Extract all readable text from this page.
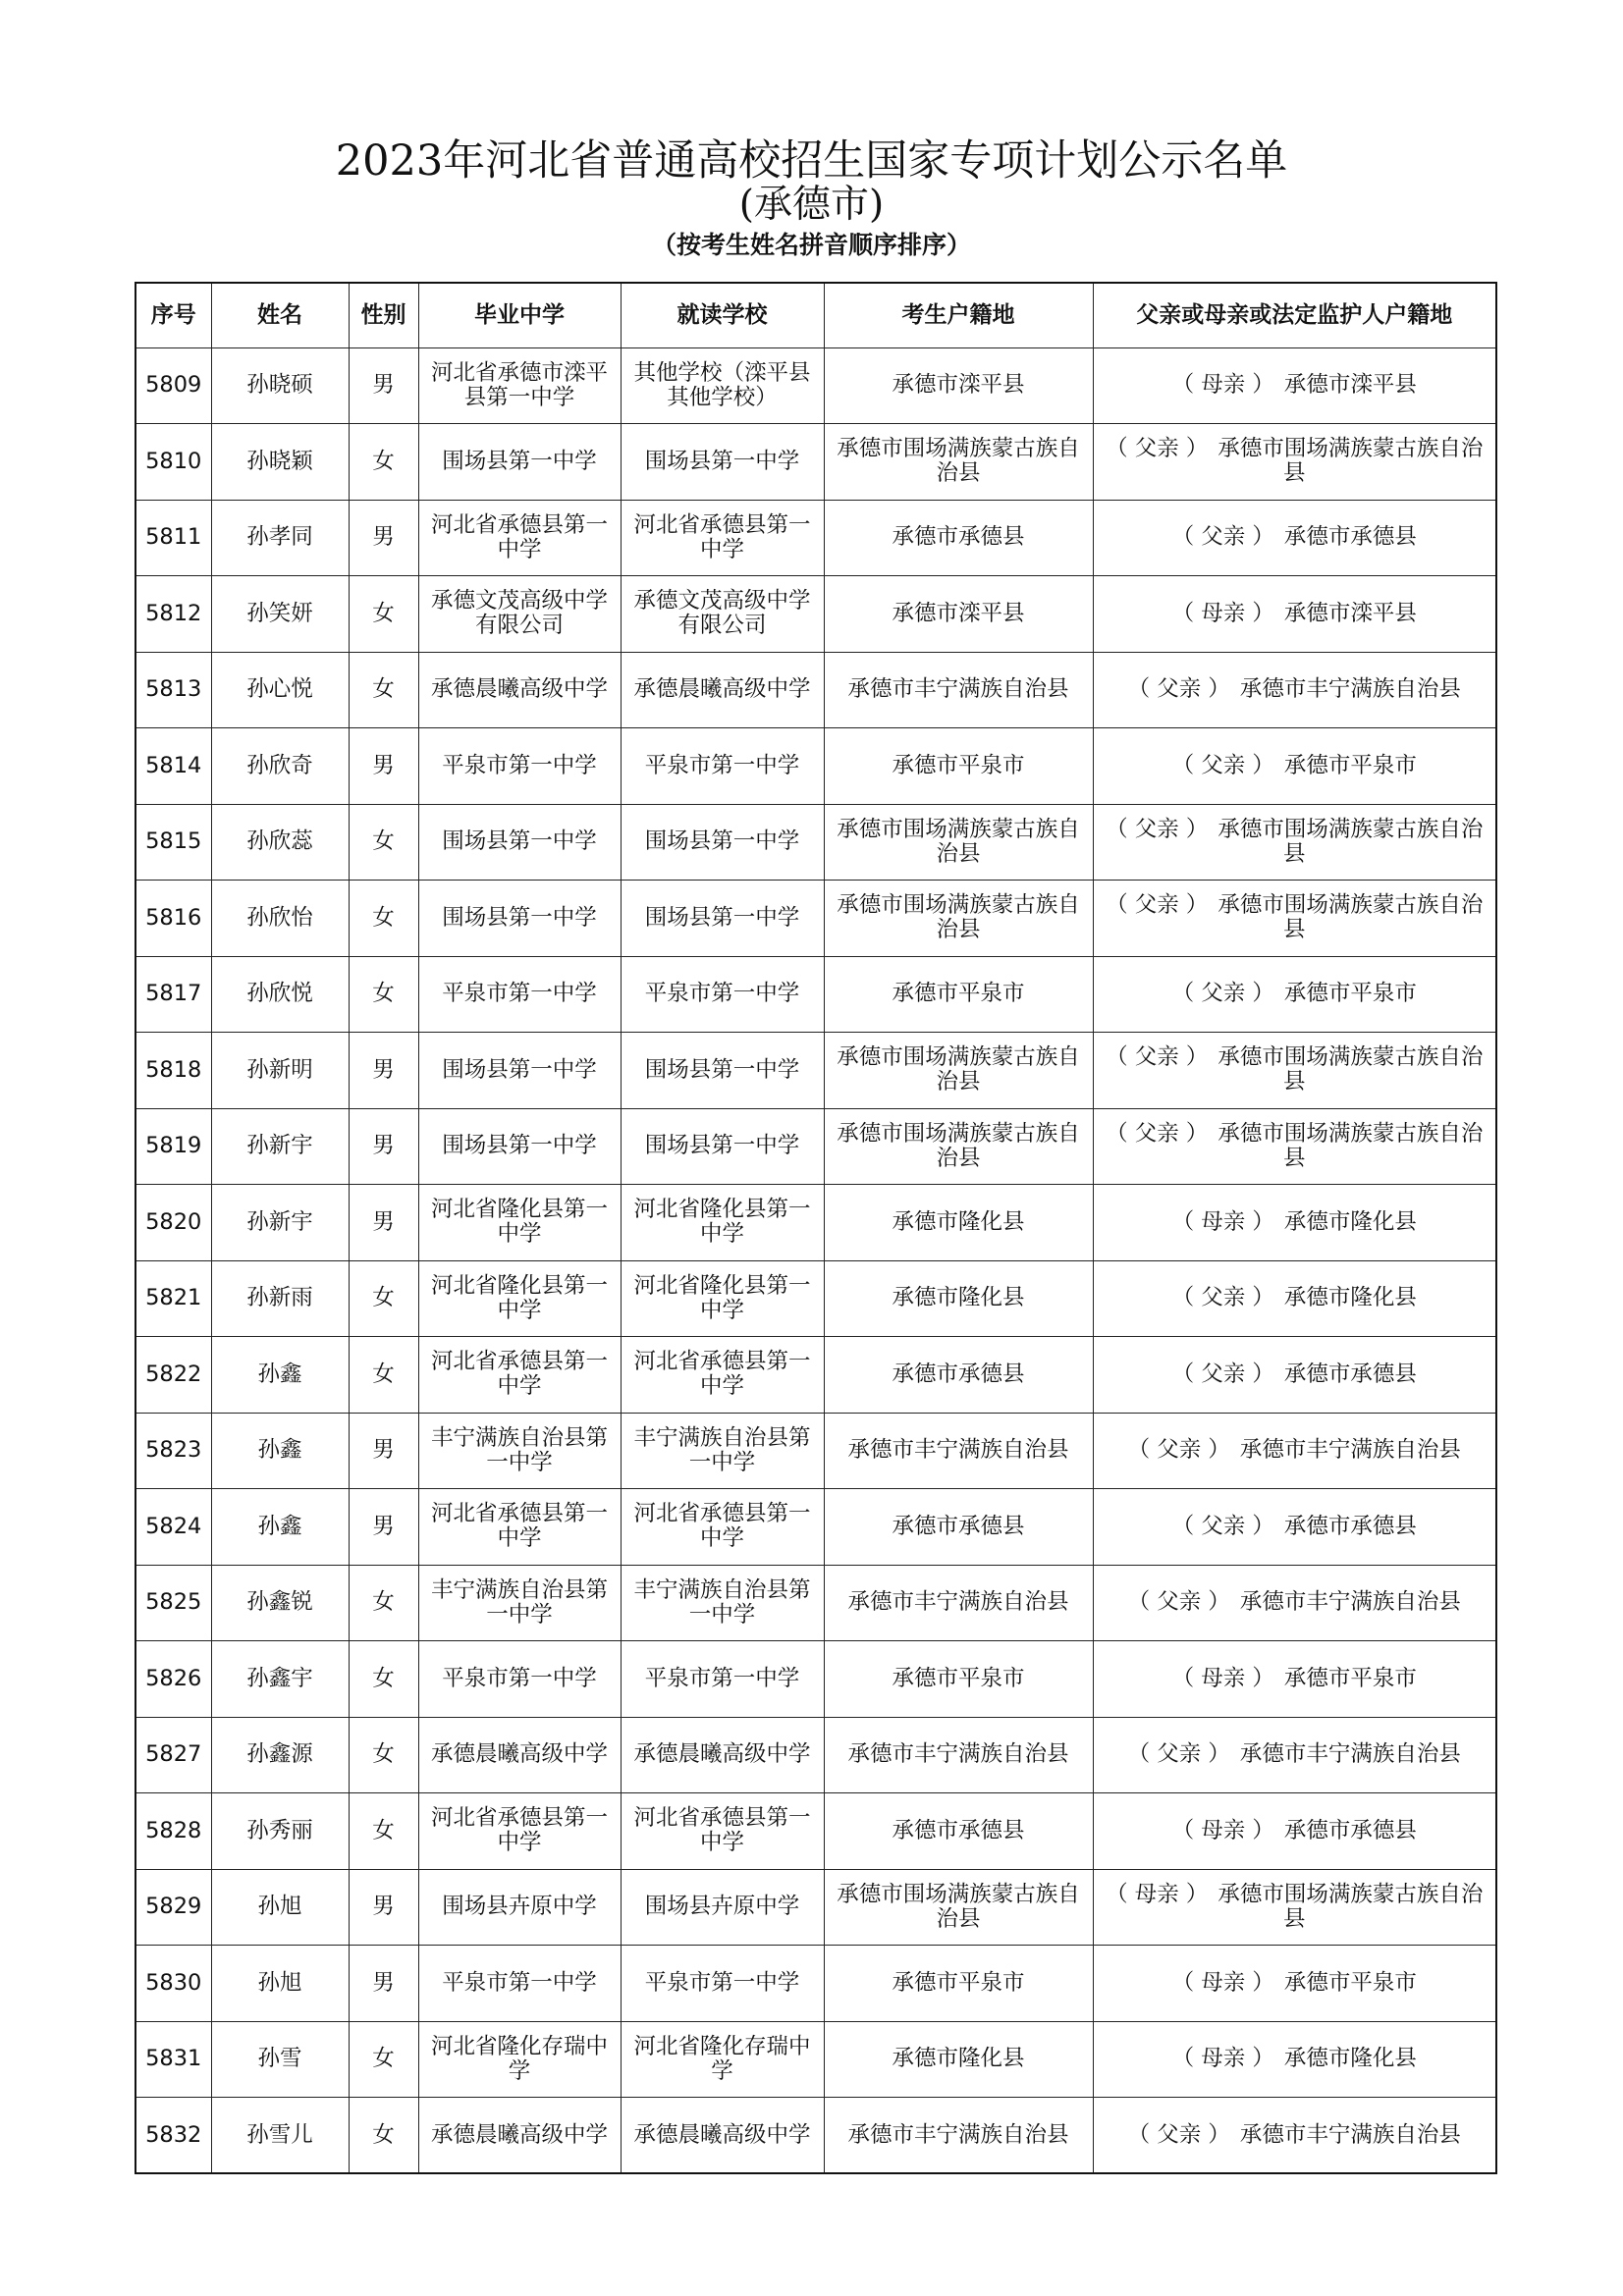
2023年河北省普通高校招生国家专项计划公示名单
(承德市)
（按考生姓名拼音顺序排序）
序号	姓名	性别	毕业中学	就读学校	考生户籍地	父亲或母亲或法定监护人户籍地
5809	孙晓硕	男	河北省承德市滦平县第一中学	其他学校（滦平县其他学校）	承德市滦平县	（ 母亲 ） 承德市滦平县
5810	孙晓颖	女	围场县第一中学	围场县第一中学	承德市围场满族蒙古族自治县	（ 父亲 ） 承德市围场满族蒙古族自治县
5811	孙孝同	男	河北省承德县第一中学	河北省承德县第一中学	承德市承德县	（ 父亲 ） 承德市承德县
5812	孙笑妍	女	承德文茂高级中学有限公司	承德文茂高级中学有限公司	承德市滦平县	（ 母亲 ） 承德市滦平县
5813	孙心悦	女	承德晨曦高级中学	承德晨曦高级中学	承德市丰宁满族自治县	（ 父亲 ） 承德市丰宁满族自治县
5814	孙欣奇	男	平泉市第一中学	平泉市第一中学	承德市平泉市	（ 父亲 ） 承德市平泉市
5815	孙欣蕊	女	围场县第一中学	围场县第一中学	承德市围场满族蒙古族自治县	（ 父亲 ） 承德市围场满族蒙古族自治县
5816	孙欣怡	女	围场县第一中学	围场县第一中学	承德市围场满族蒙古族自治县	（ 父亲 ） 承德市围场满族蒙古族自治县
5817	孙欣悦	女	平泉市第一中学	平泉市第一中学	承德市平泉市	（ 父亲 ） 承德市平泉市
5818	孙新明	男	围场县第一中学	围场县第一中学	承德市围场满族蒙古族自治县	（ 父亲 ） 承德市围场满族蒙古族自治县
5819	孙新宇	男	围场县第一中学	围场县第一中学	承德市围场满族蒙古族自治县	（ 父亲 ） 承德市围场满族蒙古族自治县
5820	孙新宇	男	河北省隆化县第一中学	河北省隆化县第一中学	承德市隆化县	（ 母亲 ） 承德市隆化县
5821	孙新雨	女	河北省隆化县第一中学	河北省隆化县第一中学	承德市隆化县	（ 父亲 ） 承德市隆化县
5822	孙鑫	女	河北省承德县第一中学	河北省承德县第一中学	承德市承德县	（ 父亲 ） 承德市承德县
5823	孙鑫	男	丰宁满族自治县第一中学	丰宁满族自治县第一中学	承德市丰宁满族自治县	（ 父亲 ） 承德市丰宁满族自治县
5824	孙鑫	男	河北省承德县第一中学	河北省承德县第一中学	承德市承德县	（ 父亲 ） 承德市承德县
5825	孙鑫锐	女	丰宁满族自治县第一中学	丰宁满族自治县第一中学	承德市丰宁满族自治县	（ 父亲 ） 承德市丰宁满族自治县
5826	孙鑫宇	女	平泉市第一中学	平泉市第一中学	承德市平泉市	（ 母亲 ） 承德市平泉市
5827	孙鑫源	女	承德晨曦高级中学	承德晨曦高级中学	承德市丰宁满族自治县	（ 父亲 ） 承德市丰宁满族自治县
5828	孙秀丽	女	河北省承德县第一中学	河北省承德县第一中学	承德市承德县	（ 母亲 ） 承德市承德县
5829	孙旭	男	围场县卉原中学	围场县卉原中学	承德市围场满族蒙古族自治县	（ 母亲 ） 承德市围场满族蒙古族自治县
5830	孙旭	男	平泉市第一中学	平泉市第一中学	承德市平泉市	（ 母亲 ） 承德市平泉市
5831	孙雪	女	河北省隆化存瑞中学	河北省隆化存瑞中学	承德市隆化县	（ 母亲 ） 承德市隆化县
5832	孙雪儿	女	承德晨曦高级中学	承德晨曦高级中学	承德市丰宁满族自治县	（ 父亲 ） 承德市丰宁满族自治县
